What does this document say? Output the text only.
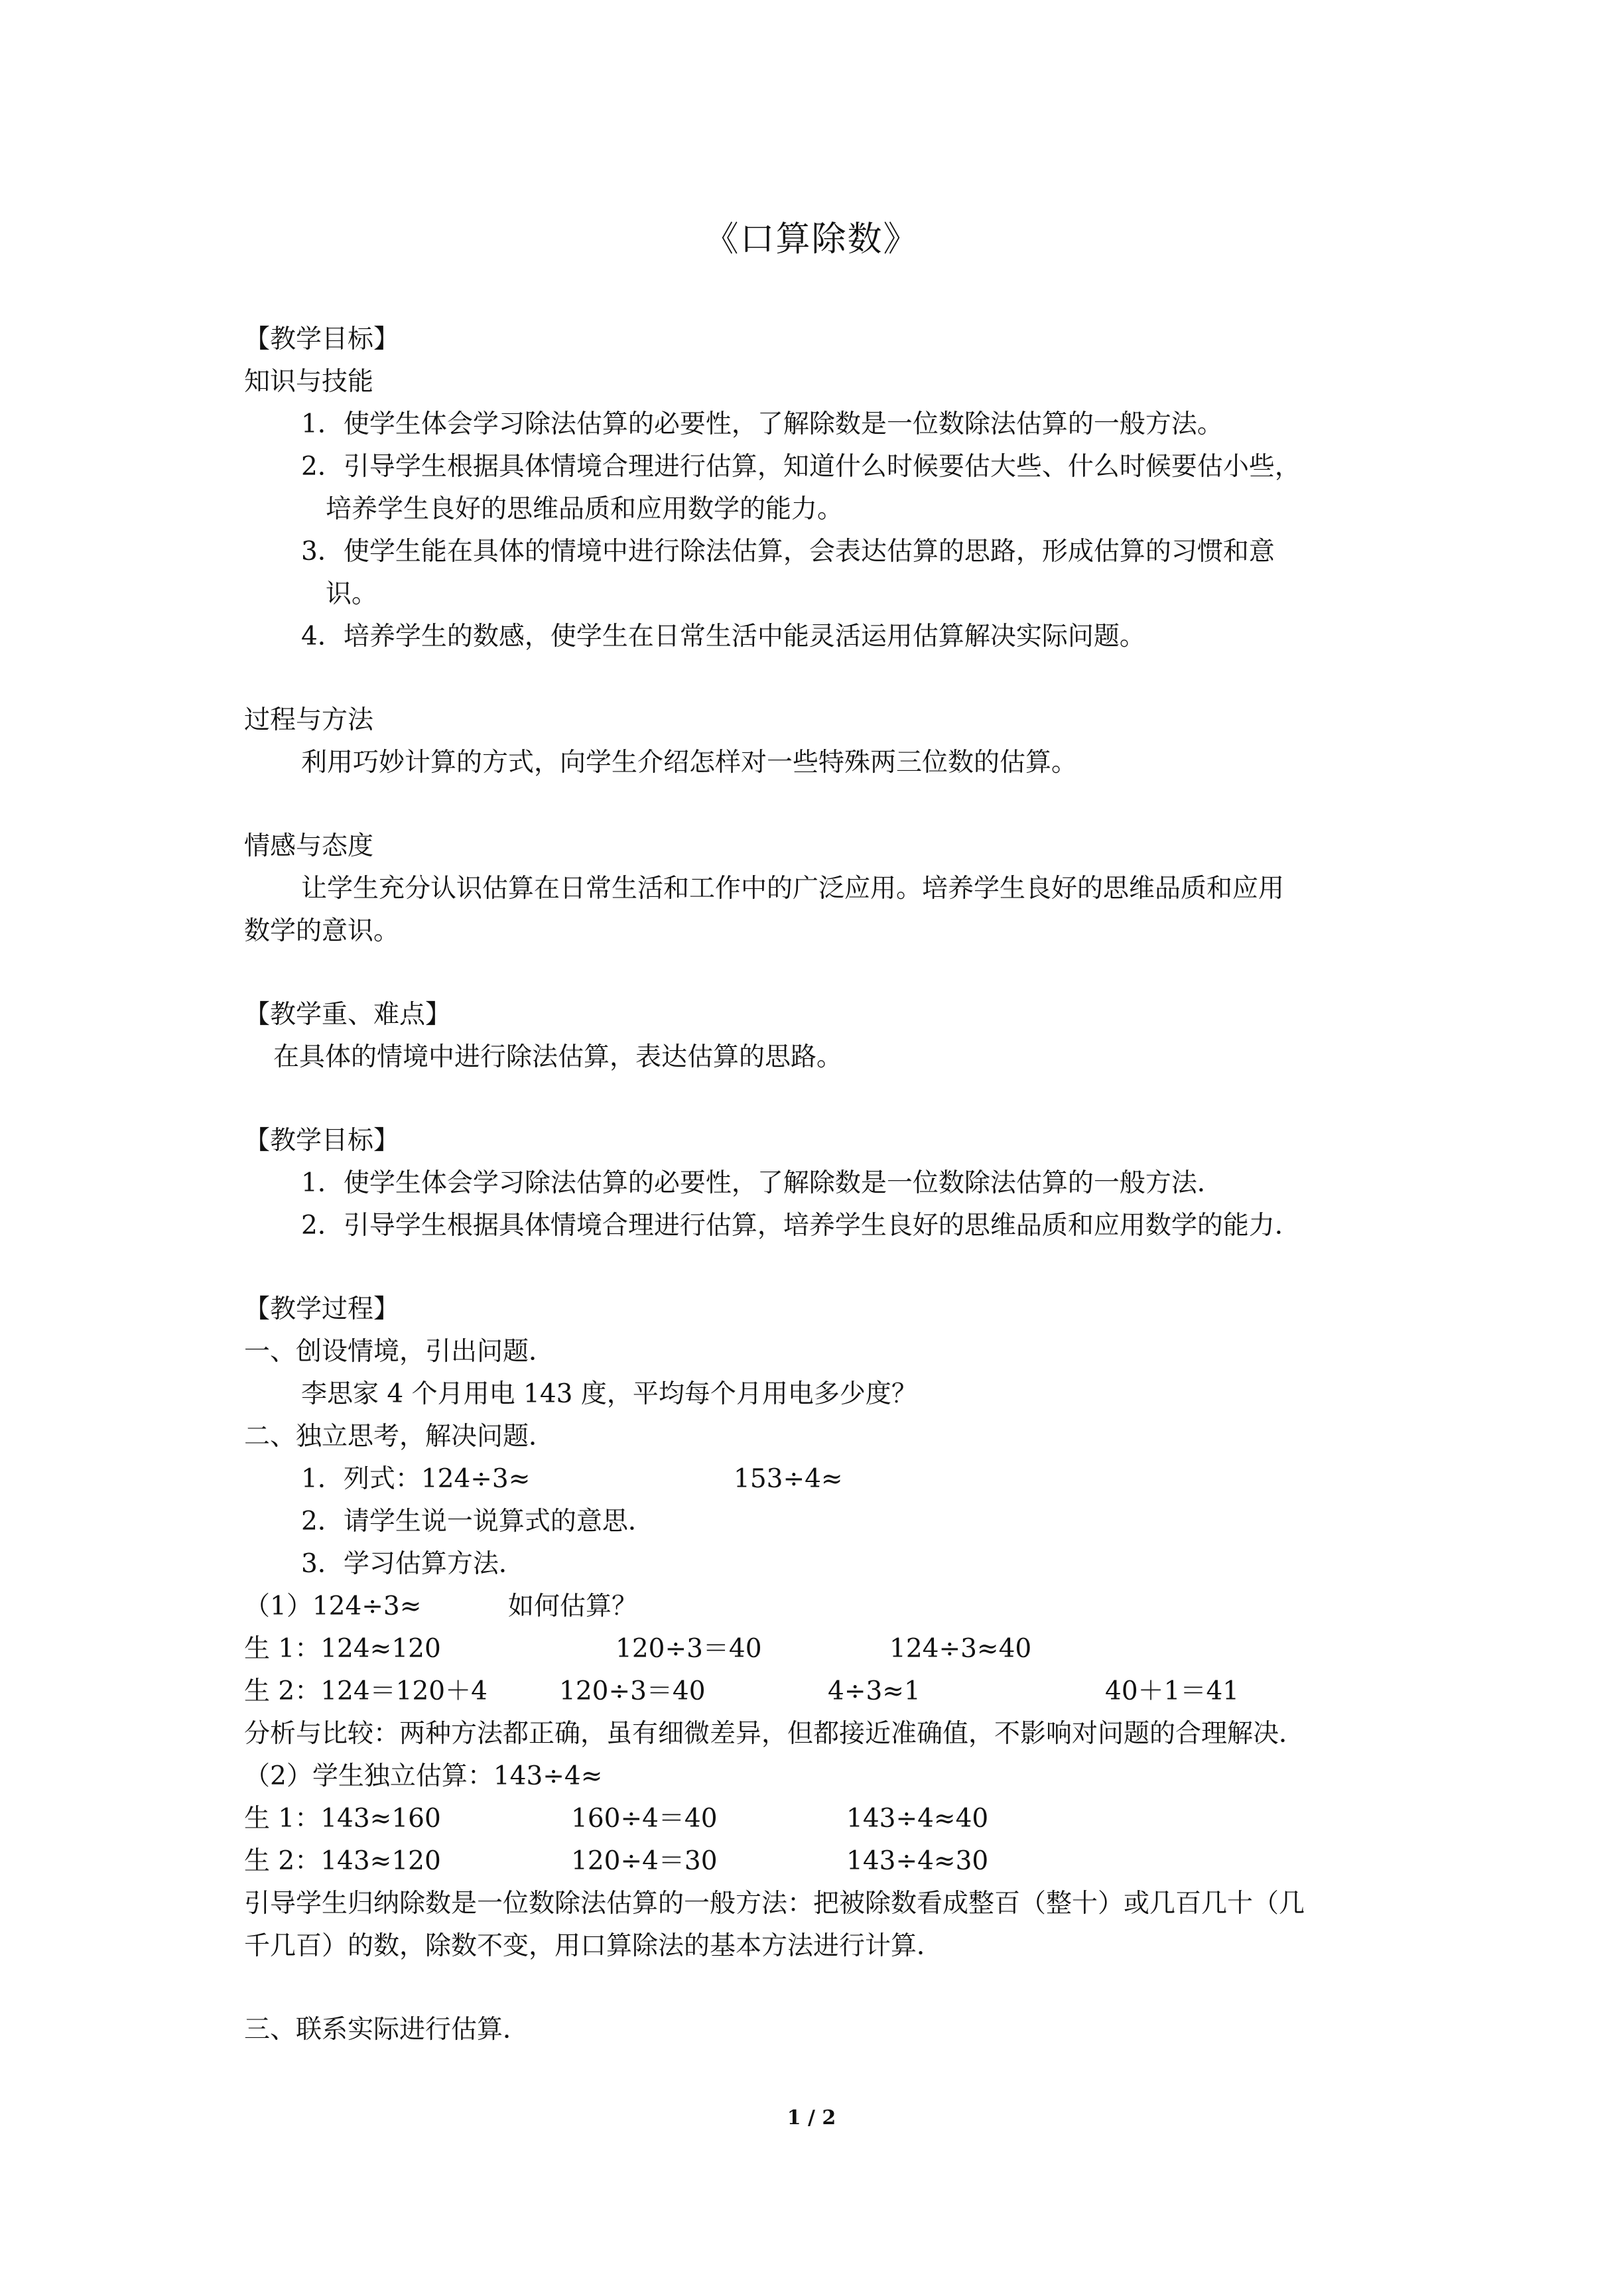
《口算除数》
【教学目标】
知识与技能
1．使学生体会学习除法估算的必要性，了解除数是一位数除法估算的一般方法。
2．引导学生根据具体情境合理进行估算，知道什么时候要估大些、什么时候要估小些，
培养学生良好的思维品质和应用数学的能力。
3．使学生能在具体的情境中进行除法估算，会表达估算的思路，形成估算的习惯和意
识。
4．培养学生的数感，使学生在日常生活中能灵活运用估算解决实际问题。
过程与方法
利用巧妙计算的方式，向学生介绍怎样对一些特殊两三位数的估算。
情感与态度
让学生充分认识估算在日常生活和工作中的广泛应用。培养学生良好的思维品质和应用
数学的意识。
【教学重、难点】
在具体的情境中进行除法估算，表达估算的思路。
【教学目标】
1．使学生体会学习除法估算的必要性，了解除数是一位数除法估算的一般方法．
2．引导学生根据具体情境合理进行估算，培养学生良好的思维品质和应用数学的能力．
【教学过程】
一、创设情境，引出问题．
李思家 4 个月用电 143 度，平均每个月用电多少度？
二、独立思考，解决问题．
1．列式：124÷3≈	153÷4≈
2．请学生说一说算式的意思．
3．学习估算方法．
（1）124÷3≈	如何估算？
生 1：124≈120	120÷3＝40	124÷3≈40
生 2：124＝120＋4	120÷3＝40	4÷3≈1	40＋1＝41
分析与比较：两种方法都正确，虽有细微差异，但都接近准确值，不影响对问题的合理解决．
（2）学生独立估算：143÷4≈
生 1：143≈160	160÷4＝40	143÷4≈40
生 2：143≈120	120÷4＝30	143÷4≈30
引导学生归纳除数是一位数除法估算的一般方法：把被除数看成整百（整十）或几百几十（几
千几百）的数，除数不变，用口算除法的基本方法进行计算．
三、联系实际进行估算．
1 / 2
